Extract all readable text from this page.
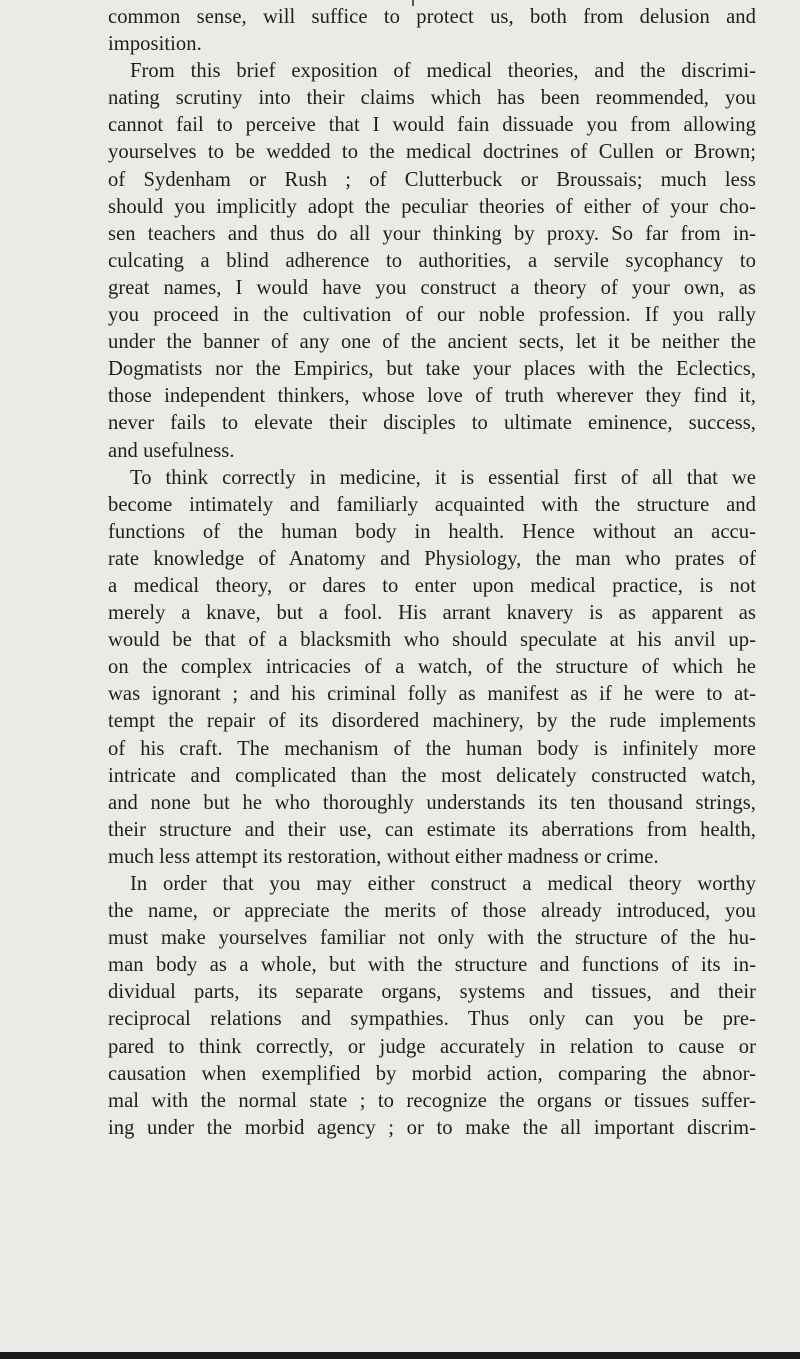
common sense, will suffice to protect us, both from delusion and
imposition.
From this brief exposition of medical theories, and the discrimi-
nating scrutiny into their claims which has been reommended, you
cannot fail to perceive that I would fain dissuade you from allowing
yourselves to be wedded to the medical doctrines of Cullen or Brown;
of Sydenham or Rush ; of Clutterbuck or Broussais; much less
should you implicitly adopt the peculiar theories of either of your cho-
sen teachers and thus do all your thinking by proxy. So far from in-
culcating a blind adherence to authorities, a servile sycophancy to
great names, I would have you construct a theory of your own, as
you proceed in the cultivation of our noble profession. If you rally
under the banner of any one of the ancient sects, let it be neither the
Dogmatists nor the Empirics, but take your places with the Eclectics,
those independent thinkers, whose love of truth wherever they find it,
never fails to elevate their disciples to ultimate eminence, success,
and usefulness.
To think correctly in medicine, it is essential first of all that we
become intimately and familiarly acquainted with the structure and
functions of the human body in health. Hence without an accu-
rate knowledge of Anatomy and Physiology, the man who prates of
a medical theory, or dares to enter upon medical practice, is not
merely a knave, but a fool. His arrant knavery is as apparent as
would be that of a blacksmith who should speculate at his anvil up-
on the complex intricacies of a watch, of the structure of which he
was ignorant ; and his criminal folly as manifest as if he were to at-
tempt the repair of its disordered machinery, by the rude implements
of his craft. The mechanism of the human body is infinitely more
intricate and complicated than the most delicately constructed watch,
and none but he who thoroughly understands its ten thousand strings,
their structure and their use, can estimate its aberrations from health,
much less attempt its restoration, without either madness or crime.
In order that you may either construct a medical theory worthy
the name, or appreciate the merits of those already introduced, you
must make yourselves familiar not only with the structure of the hu-
man body as a whole, but with the structure and functions of its in-
dividual parts, its separate organs, systems and tissues, and their
reciprocal relations and sympathies. Thus only can you be pre-
pared to think correctly, or judge accurately in relation to cause or
causation when exemplified by morbid action, comparing the abnor-
mal with the normal state ; to recognize the organs or tissues suffer-
ing under the morbid agency ; or to make the all important discrim-
